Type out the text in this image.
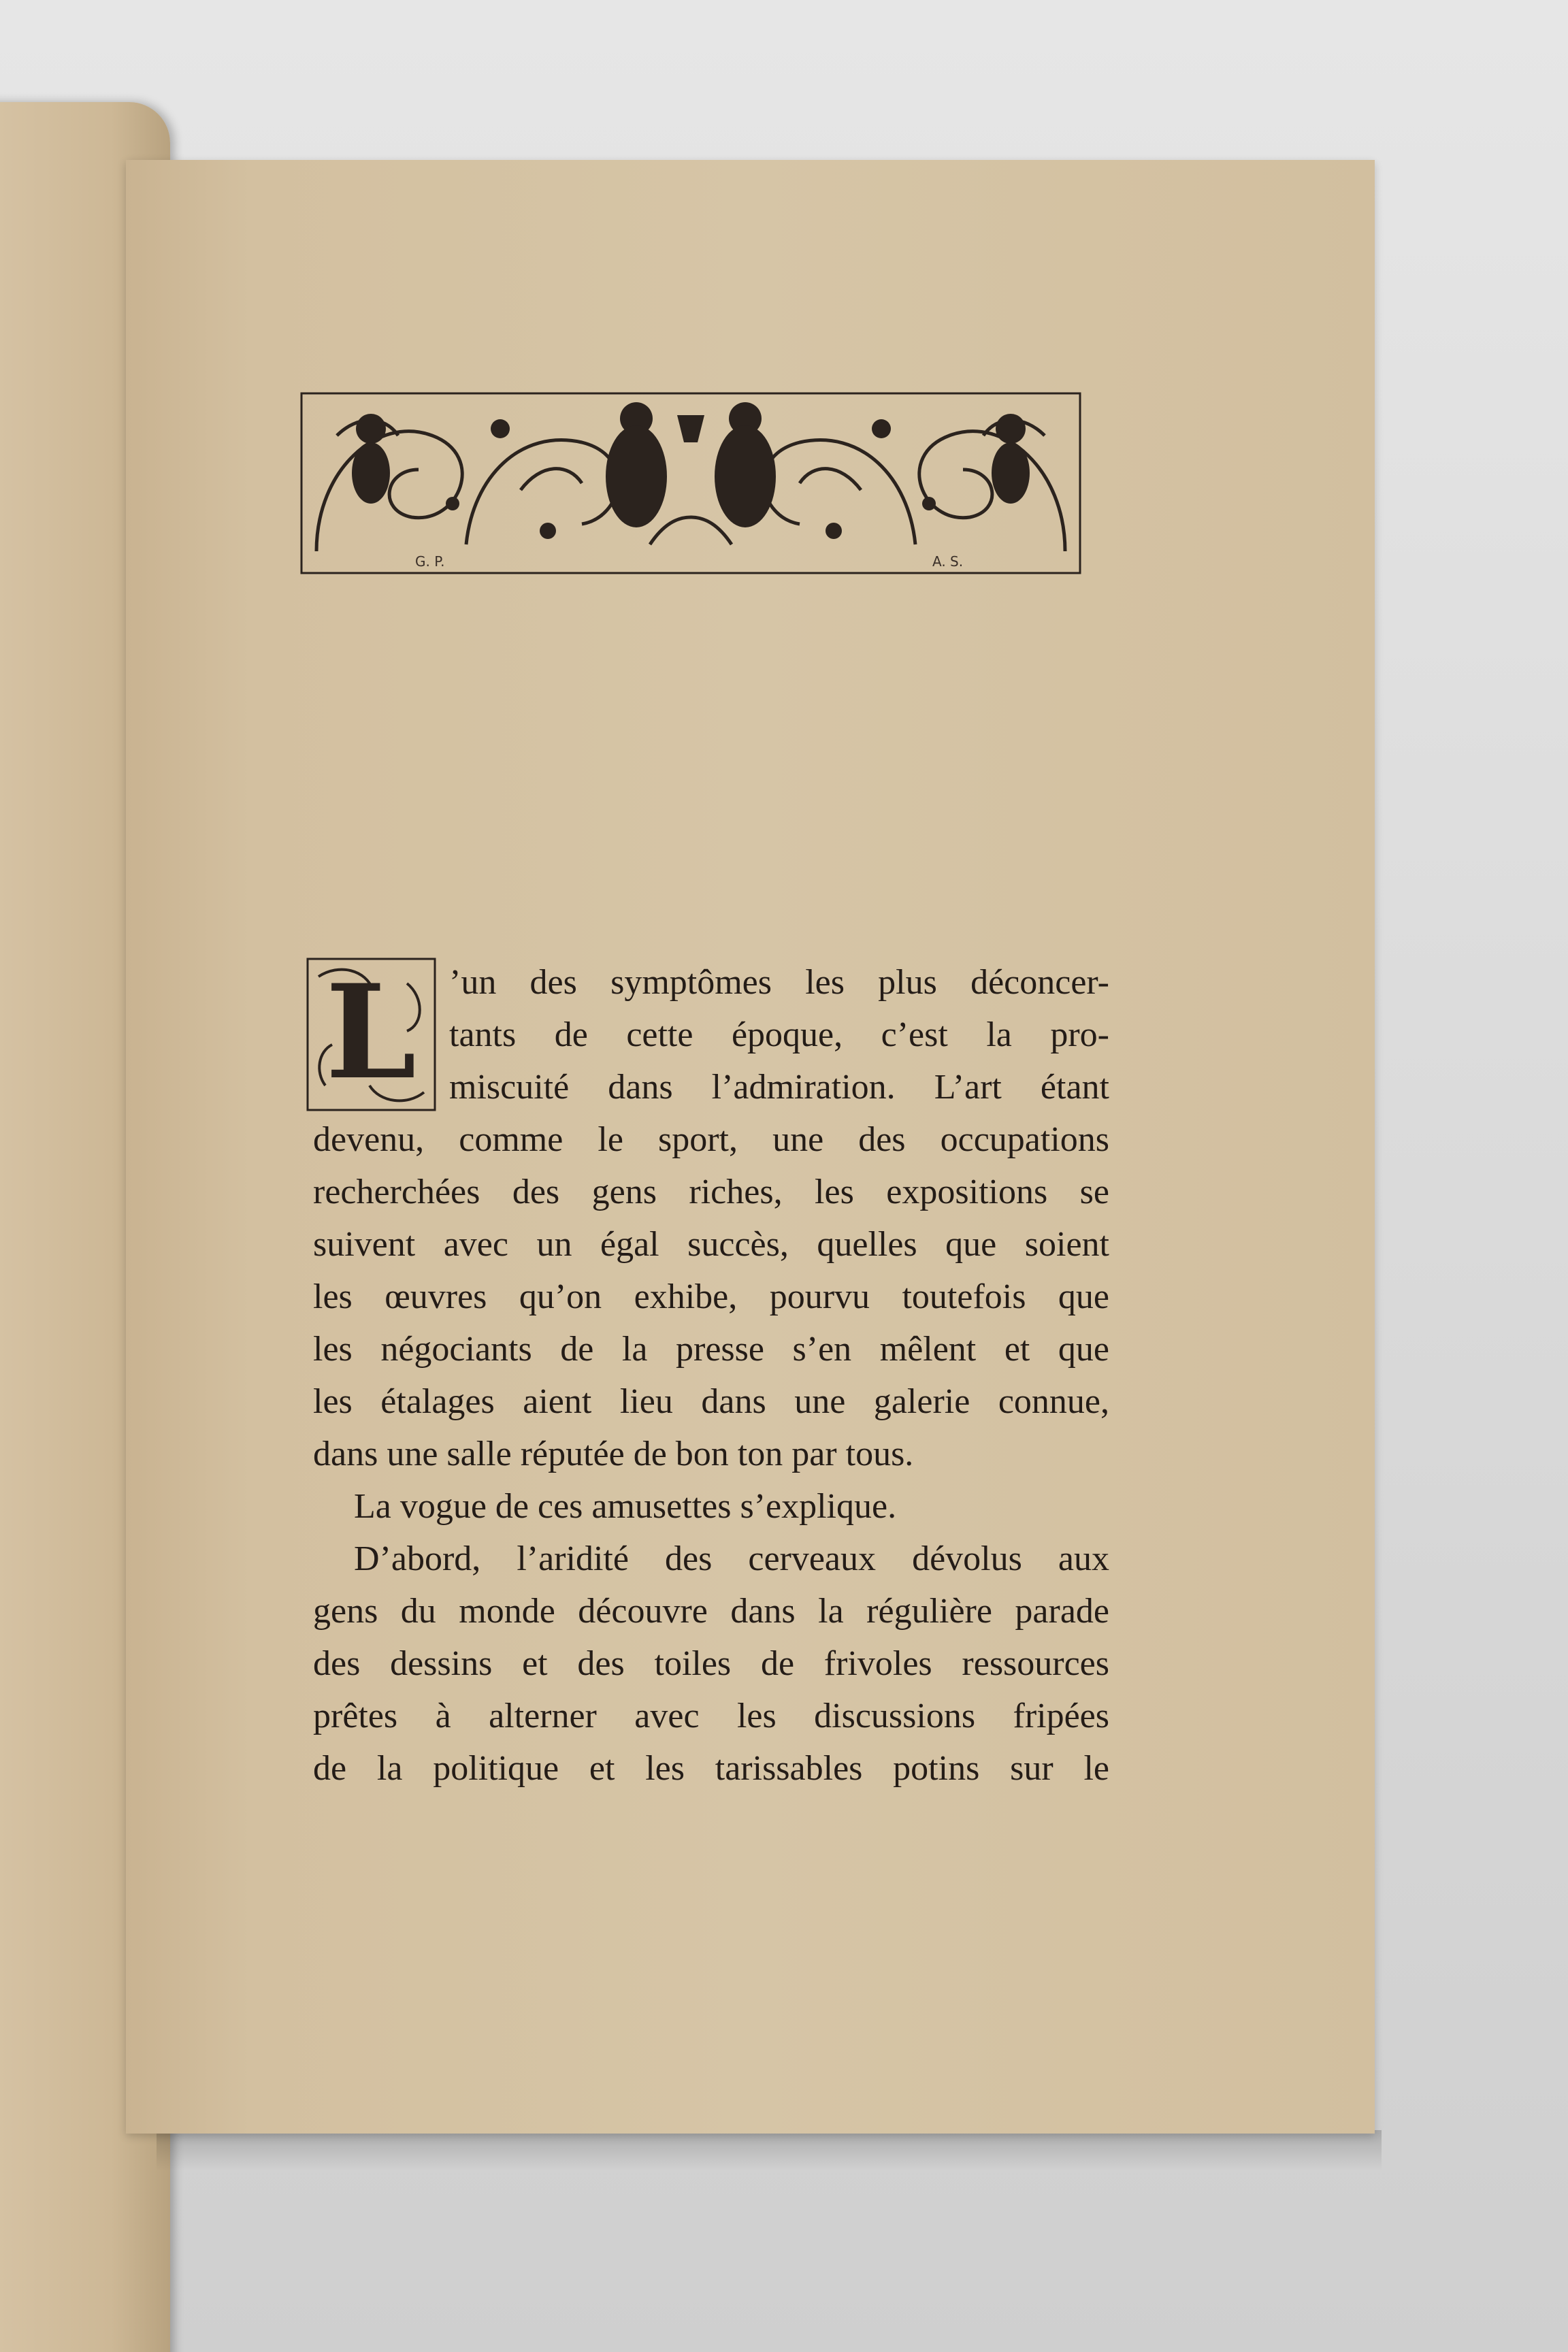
G. P.	A. S.
L ’un des symptômes les plus déconcer-
tants de cette époque, c’est la pro-
miscuité dans l’admiration. L’art étant
devenu, comme le sport, une des occupations
recherchées des gens riches, les expositions se
suivent avec un égal succès, quelles que soient
les œuvres qu’on exhibe, pourvu toutefois que
les négociants de la presse s’en mêlent et que
les étalages aient lieu dans une galerie connue,
dans une salle réputée de bon ton par tous.
La vogue de ces amusettes s’explique.
D’abord, l’aridité des cerveaux dévolus aux
gens du monde découvre dans la régulière parade
des dessins et des toiles de frivoles ressources
prêtes à alterner avec les discussions fripées
de la politique et les tarissables potins sur le
